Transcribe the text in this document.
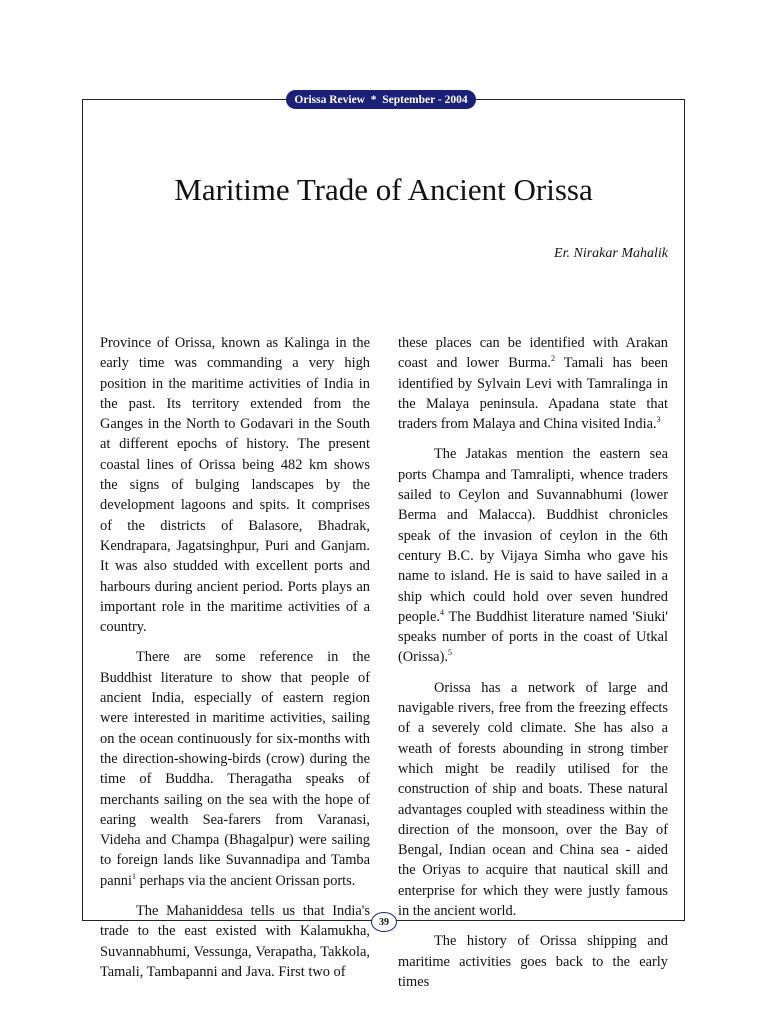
Orissa Review  *  September - 2004
Maritime Trade of Ancient Orissa
Er. Nirakar Mahalik

Province of Orissa, known as Kalinga in the early time was commanding a very high position in the maritime activities of India in the past. Its territory extended from the Ganges in the North to Godavari in the South at different epochs of history. The present coastal lines of Orissa being 482 km shows the signs of bulging landscapes by the development lagoons and spits. It comprises of the districts of Balasore, Bhadrak, Kendrapara, Jagatsinghpur, Puri and Ganjam. It was also studded with excellent ports and harbours during ancient period. Ports plays an important role in the maritime activities of a country.

There are some reference in the Buddhist literature to show that people of ancient India, especially of eastern region were interested in maritime activities, sailing on the ocean continuously for six-months with the direction-showing-birds (crow) during the time of Buddha. Theragatha speaks of merchants sailing on the sea with the hope of earing wealth Sea-farers from Varanasi, Videha and Champa (Bhagalpur) were sailing to foreign lands like Suvannadipa and Tamba panni$^1$ perhaps via the ancient Orissan ports.

The Mahaniddesa tells us that India's trade to the east existed with Kalamukha, Suvannabhumi, Vessunga, Verapatha, Takkola, Tamali, Tambapanni and Java. First two of

these places can be identified with Arakan coast and lower Burma.$^2$ Tamali has been identified by Sylvain Levi with Tamralinga in the Malaya peninsula. Apadana state that traders from Malaya and China visited India.$^3$

The Jatakas mention the eastern sea ports Champa and Tamralipti, whence traders sailed to Ceylon and Suvannabhumi (lower Berma and Malacca). Buddhist chronicles speak of the invasion of ceylon in the 6th century B.C. by Vijaya Simha who gave his name to island. He is said to have sailed in a ship which could hold over seven hundred people.$^4$ The Buddhist literature named 'Siuki' speaks number of ports in the coast of Utkal (Orissa).$^5$

Orissa has a network of large and navigable rivers, free from the freezing effects of a severely cold climate. She has also a weath of forests abounding in strong timber which might be readily utilised for the construction of ship and boats. These natural advantages coupled with steadiness within the direction of the monsoon, over the Bay of Bengal, Indian ocean and China sea - aided the Oriyas to acquire that nautical skill and enterprise for which they were justly famous in the ancient world.

The history of Orissa shipping and maritime activities goes back to the early times

39
